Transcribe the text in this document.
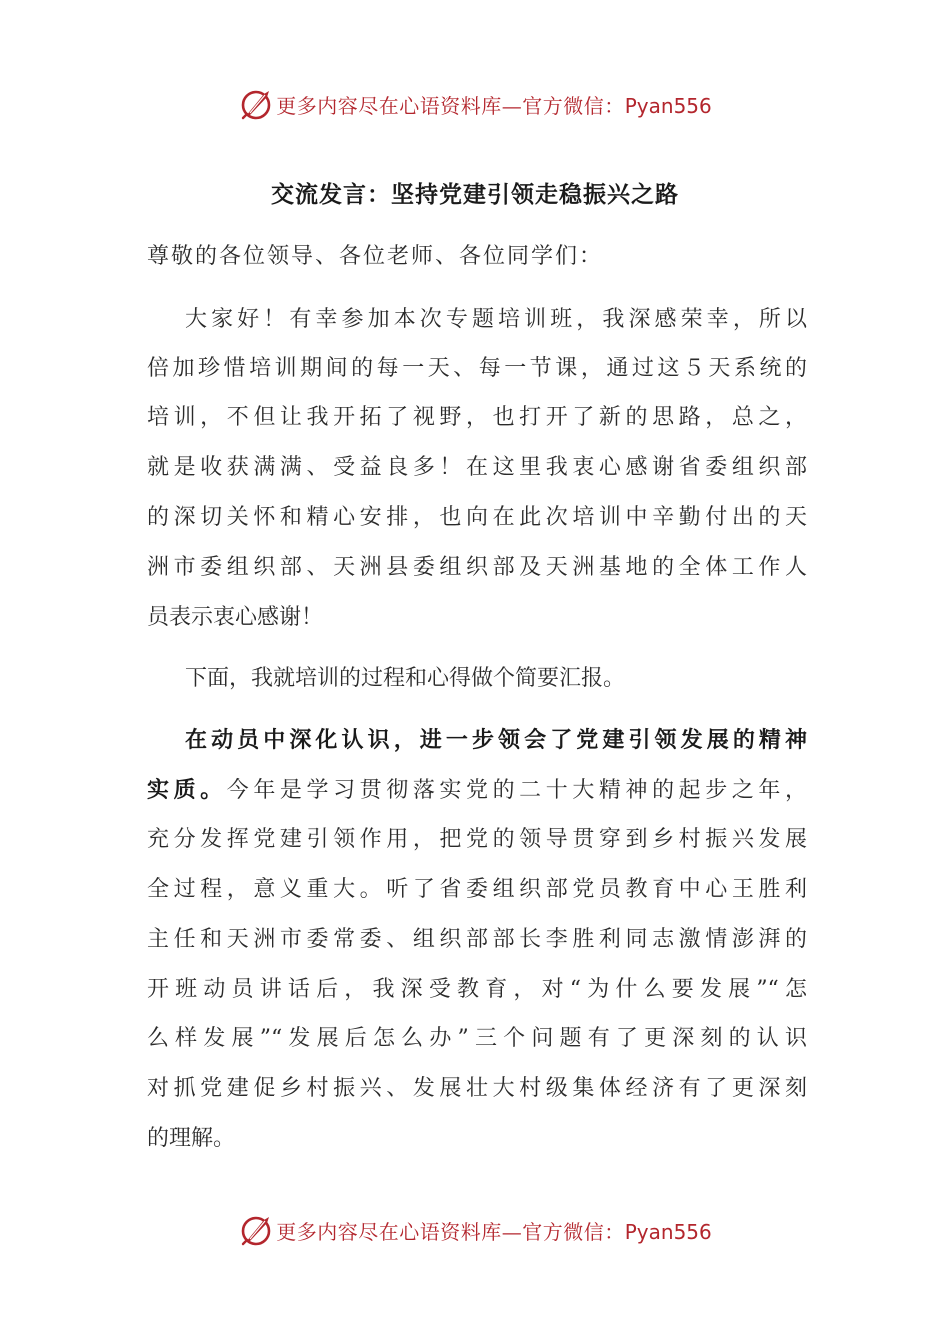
更多内容尽在心语资料库—官方微信：Pyan556
交流发言：坚持党建引领走稳振兴之路

尊敬的各位领导、各位老师、各位同学们：

大家好！有幸参加本次专题培训班，我深感荣幸，所以

倍加珍惜培训期间的每一天、每一节课，通过这５天系统的

培训，不但让我开拓了视野，也打开了新的思路，总之，

就是收获满满、受益良多！在这里我衷心感谢省委组织部

的深切关怀和精心安排，也向在此次培训中辛勤付出的天

洲市委组织部、天洲县委组织部及天洲基地的全体工作人

员表示衷心感谢！

下面，我就培训的过程和心得做个简要汇报。

在动员中深化认识，进一步领会了党建引领发展的精神

实质。今年是学习贯彻落实党的二十大精神的起步之年，

充分发挥党建引领作用，把党的领导贯穿到乡村振兴发展

全过程，意义重大。听了省委组织部党员教育中心王胜利

主任和天洲市委常委、组织部部长李胜利同志激情澎湃的

开班动员讲话后，我深受教育，对“为什么要发展”“怎

么样发展”“发展后怎么办”三个问题有了更深刻的认识

对抓党建促乡村振兴、发展壮大村级集体经济有了更深刻

的理解。

更多内容尽在心语资料库—官方微信：Pyan556
